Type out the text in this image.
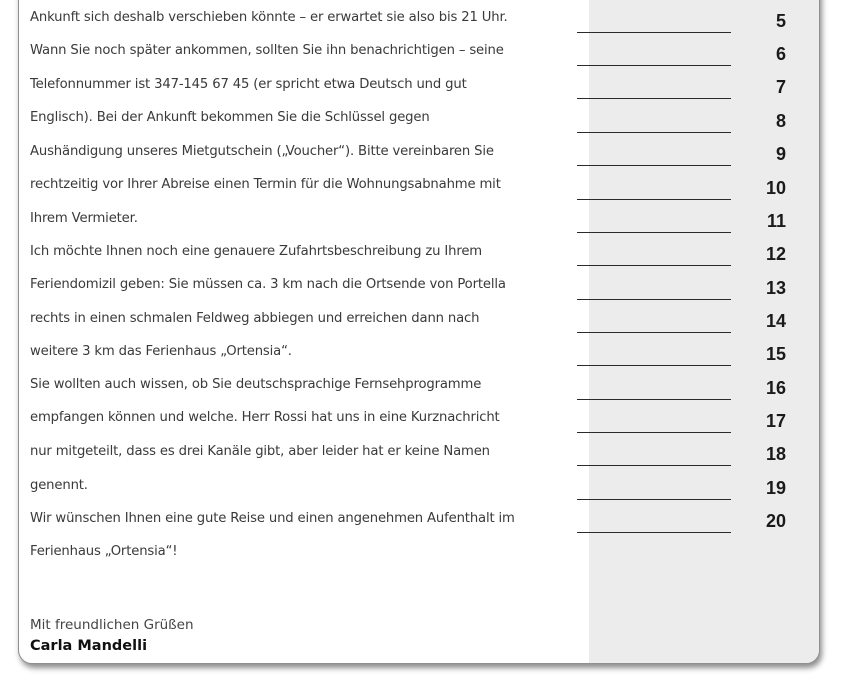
Ankunft sich deshalb verschieben könnte – er erwartet sie also bis 21 Uhr.

Wann Sie noch später ankommen, sollten Sie ihn benachrichtigen – seine

Telefonnummer ist 347-145 67 45 (er spricht etwa Deutsch und gut

Englisch). Bei der Ankunft bekommen Sie die Schlüssel gegen

Aushändigung unseres Mietgutschein („Voucher“). Bitte vereinbaren Sie

rechtzeitig vor Ihrer Abreise einen Termin für die Wohnungsabnahme mit

Ihrem Vermieter.

Ich möchte Ihnen noch eine genauere Zufahrtsbeschreibung zu Ihrem

Feriendomizil geben: Sie müssen ca. 3 km nach die Ortsende von Portella

rechts in einen schmalen Feldweg abbiegen und erreichen dann nach

weitere 3 km das Ferienhaus „Ortensia“.

Sie wollten auch wissen, ob Sie deutschsprachige Fernsehprogramme

empfangen können und welche. Herr Rossi hat uns in eine Kurznachricht

nur mitgeteilt, dass es drei Kanäle gibt, aber leider hat er keine Namen

genennt.

Wir wünschen Ihnen eine gute Reise und einen angenehmen Aufenthalt im

Ferienhaus „Ortensia“!

5
6
7
8
9
10
11
12
13
14
15
16
17
18
19
20

Mit freundlichen Grüßen

Carla Mandelli
